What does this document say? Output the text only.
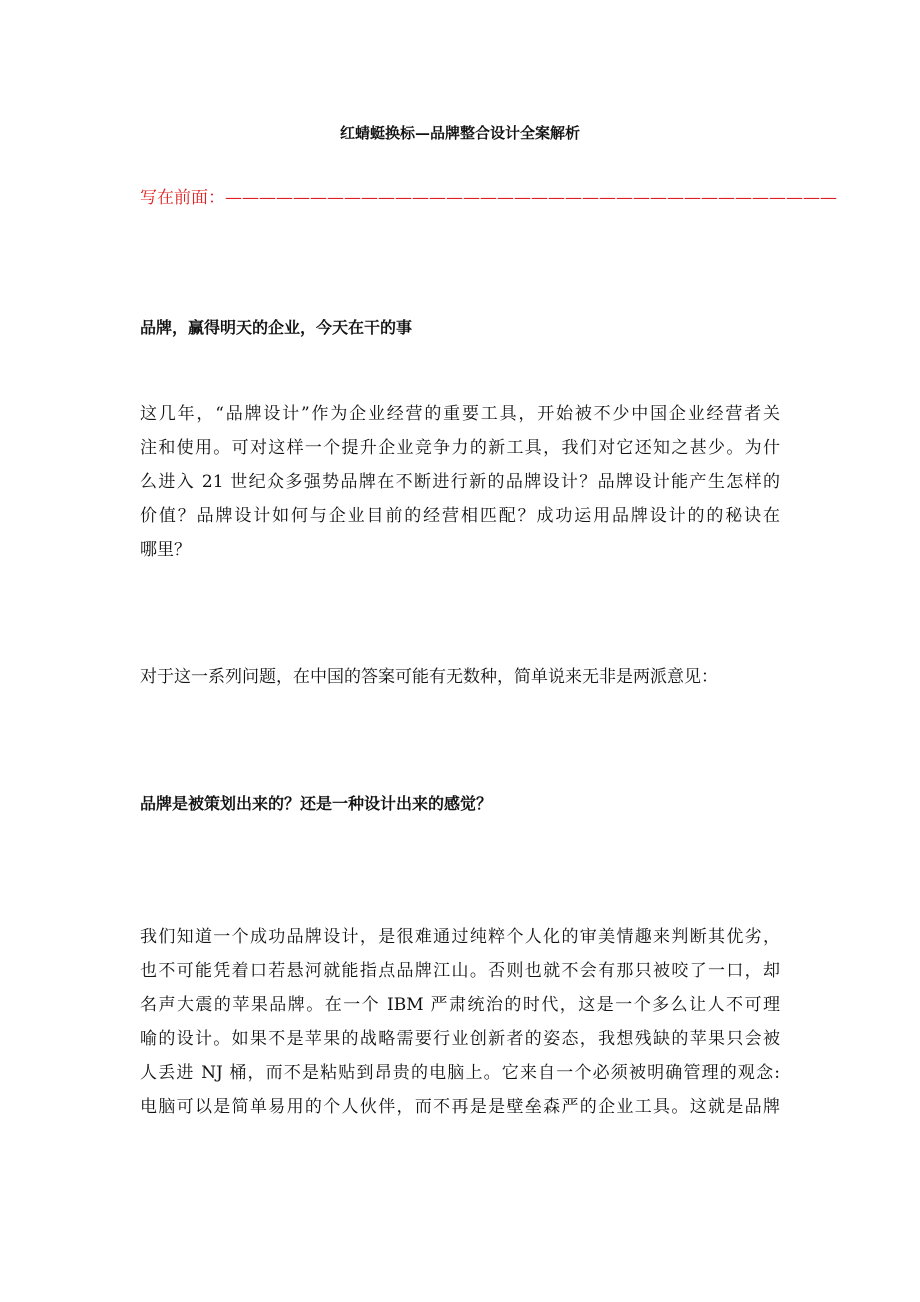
红蜻蜓换标—品牌整合设计全案解析
写在前面：————————————————————————————————————
品牌，赢得明天的企业，今天在干的事
这几年，“品牌设计”作为企业经营的重要工具，开始被不少中国企业经营者关
注和使用。可对这样一个提升企业竞争力的新工具，我们对它还知之甚少。为什
么进入 21 世纪众多强势品牌在不断进行新的品牌设计？品牌设计能产生怎样的
价值？品牌设计如何与企业目前的经营相匹配？成功运用品牌设计的的秘诀在
哪里？
对于这一系列问题，在中国的答案可能有无数种，简单说来无非是两派意见：
品牌是被策划出来的？还是一种设计出来的感觉？
我们知道一个成功品牌设计，是很难通过纯粹个人化的审美情趣来判断其优劣，
也不可能凭着口若悬河就能指点品牌江山。否则也就不会有那只被咬了一口，却
名声大震的苹果品牌。在一个 IBM 严肃统治的时代，这是一个多么让人不可理
喻的设计。如果不是苹果的战略需要行业创新者的姿态，我想残缺的苹果只会被
人丢进 NJ 桶，而不是粘贴到昂贵的电脑上。它来自一个必须被明确管理的观念:
电脑可以是简单易用的个人伙伴，而不再是是壁垒森严的企业工具。这就是品牌
